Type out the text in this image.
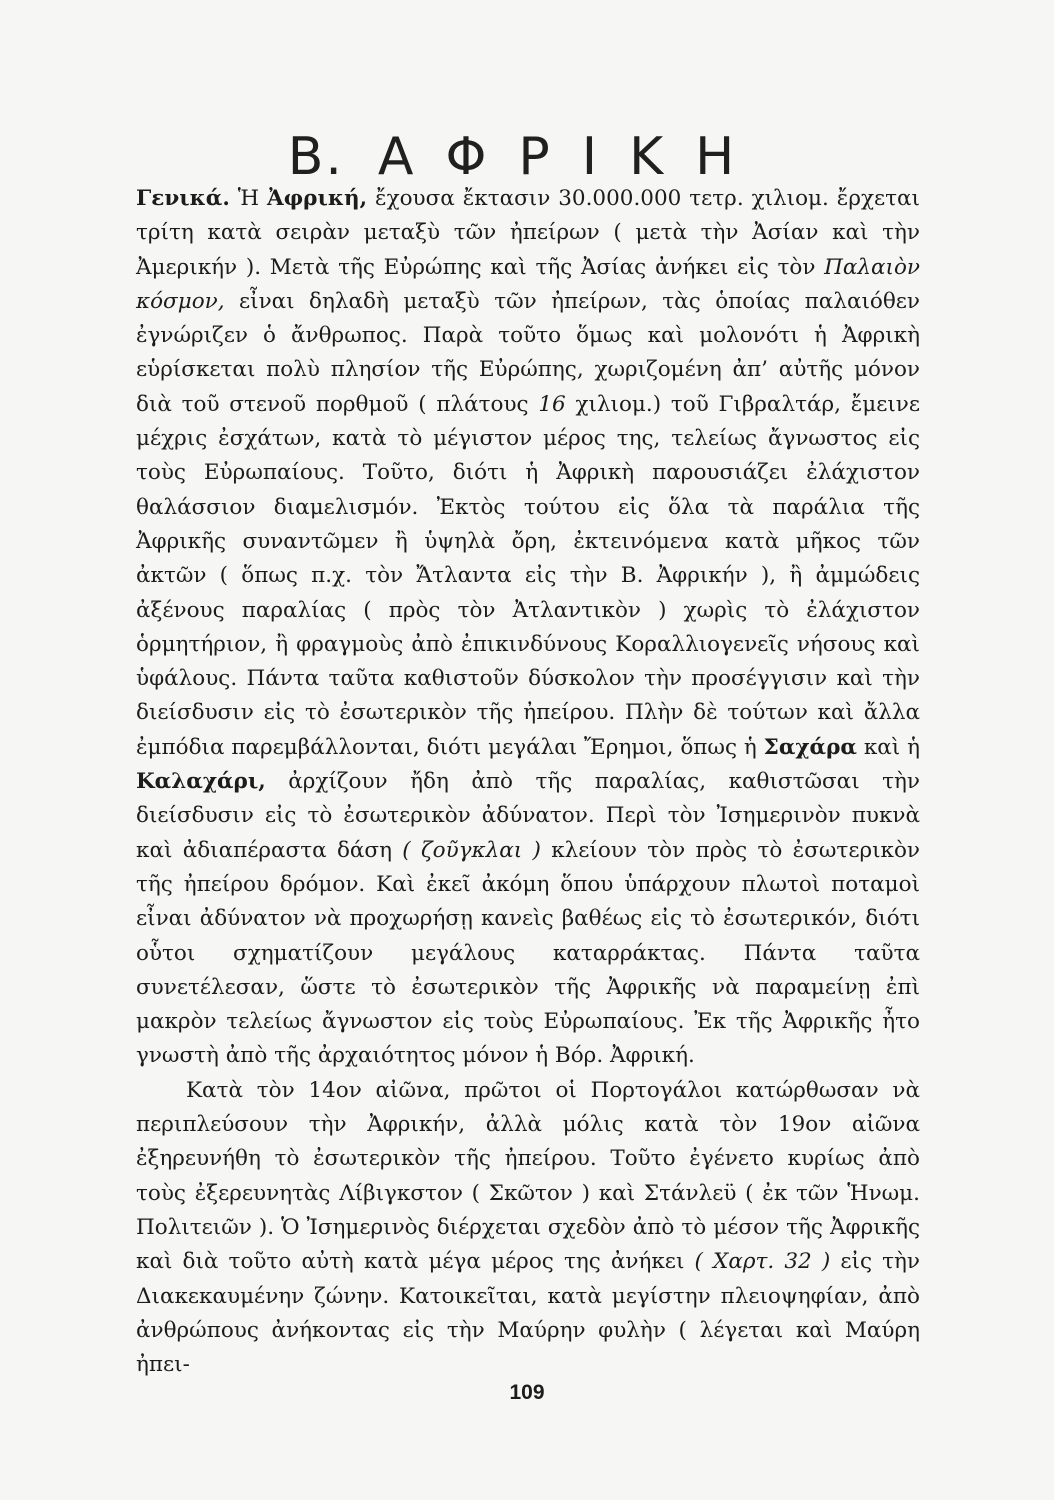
Β. ΑΦΡΙΚΗ

Γενικά. Ἡ Ἀφρική, ἔχουσα ἔκτασιν 30.000.000 τετρ. χιλιομ. ἔρχεται τρίτη κατὰ σειρὰν μεταξὺ τῶν ἠπείρων ( μετὰ τὴν Ἀσίαν καὶ τὴν Ἀμερικήν ). Μετὰ τῆς Εὐρώπης καὶ τῆς Ἀσίας ἀνήκει εἰς τὸν Παλαιὸν κόσμον, εἶναι δηλαδὴ μεταξὺ τῶν ἠπείρων, τὰς ὁποίας παλαιόθεν ἐγνώριζεν ὁ ἄνθρωπος. Παρὰ τοῦτο ὅμως καὶ μολονότι ἡ Ἀφρικὴ εὑρίσκεται πολὺ πλησίον τῆς Εὐρώπης, χωριζομένη ἀπ’ αὐτῆς μόνον διὰ τοῦ στενοῦ πορθμοῦ ( πλάτους 16 χιλιομ.) τοῦ Γιβραλτάρ, ἔμεινε μέχρις ἐσχάτων, κατὰ τὸ μέγιστον μέρος της, τελείως ἄγνωστος εἰς τοὺς Εὐρωπαίους. Τοῦτο, διότι ἡ Ἀφρικὴ παρουσιάζει ἐλάχιστον θαλάσσιον διαμελισμόν. Ἐκτὸς τούτου εἰς ὅλα τὰ παράλια τῆς Ἀφρικῆς συναντῶμεν ἢ ὑψηλὰ ὄρη, ἐκτεινόμενα κατὰ μῆκος τῶν ἀκτῶν ( ὅπως π.χ. τὸν Ἄτλαντα εἰς τὴν Β. Ἀφρικήν ), ἢ ἀμμώδεις ἀξένους παραλίας ( πρὸς τὸν Ἀτλαντικὸν ) χωρὶς τὸ ἐλάχιστον ὁρμητήριον, ἢ φραγμοὺς ἀπὸ ἐπικινδύνους Κοραλλιογενεῖς νήσους καὶ ὑφάλους. Πάντα ταῦτα καθιστοῦν δύσκολον τὴν προσέγγισιν καὶ τὴν διείσδυσιν εἰς τὸ ἐσωτερικὸν τῆς ἠπείρου. Πλὴν δὲ τούτων καὶ ἄλλα ἐμπόδια παρεμβάλλονται, διότι μεγάλαι Ἔρημοι, ὅπως ἡ Σαχάρα καὶ ἡ Καλαχάρι, ἀρχίζουν ἤδη ἀπὸ τῆς παραλίας, καθιστῶσαι τὴν διείσδυσιν εἰς τὸ ἐσωτερικὸν ἀδύνατον. Περὶ τὸν Ἰσημερινὸν πυκνὰ καὶ ἀδιαπέραστα δάση ( ζοῦγκλαι ) κλείουν τὸν πρὸς τὸ ἐσωτερικὸν τῆς ἠπείρου δρόμον. Καὶ ἐκεῖ ἀκόμη ὅπου ὑπάρχουν πλωτοὶ ποταμοὶ εἶναι ἀδύνατον νὰ προχωρήσῃ κανεὶς βαθέως εἰς τὸ ἐσωτερικόν, διότι οὗτοι σχηματίζουν μεγάλους καταρράκτας. Πάντα ταῦτα συνετέλεσαν, ὥστε τὸ ἐσωτερικὸν τῆς Ἀφρικῆς νὰ παραμείνῃ ἐπὶ μακρὸν τελείως ἄγνωστον εἰς τοὺς Εὐρωπαίους. Ἐκ τῆς Ἀφρικῆς ἦτο γνωστὴ ἀπὸ τῆς ἀρχαιότητος μόνον ἡ Βόρ. Ἀφρική.

Κατὰ τὸν 14ον αἰῶνα, πρῶτοι οἱ Πορτογάλοι κατώρθωσαν νὰ περιπλεύσουν τὴν Ἀφρικήν, ἀλλὰ μόλις κατὰ τὸν 19ον αἰῶνα ἐξηρευνήθη τὸ ἐσωτερικὸν τῆς ἠπείρου. Τοῦτο ἐγένετο κυρίως ἀπὸ τοὺς ἐξερευνητὰς Λίβιγκστον ( Σκῶτον ) καὶ Στάνλεϋ ( ἐκ τῶν Ἡνωμ. Πολιτειῶν ). Ὁ Ἰσημερινὸς διέρχεται σχεδὸν ἀπὸ τὸ μέσον τῆς Ἀφρικῆς καὶ διὰ τοῦτο αὐτὴ κατὰ μέγα μέρος της ἀνήκει ( Χαρτ. 32 ) εἰς τὴν Διακεκαυμένην ζώνην. Κατοικεῖται, κατὰ μεγίστην πλειοψηφίαν, ἀπὸ ἀνθρώπους ἀνήκοντας εἰς τὴν Μαύρην φυλὴν ( λέγεται καὶ Μαύρη ἠπει-

109
